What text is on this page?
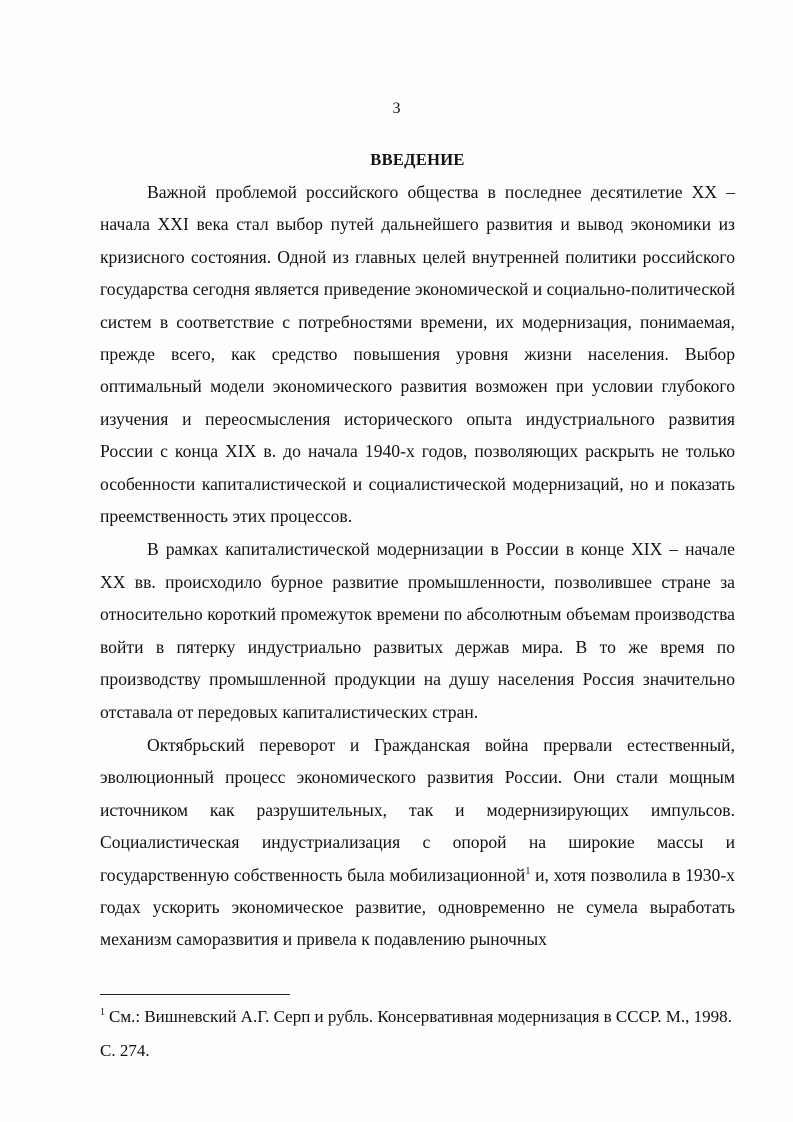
3
ВВЕДЕНИЕ

Важной проблемой российского общества в последнее десятилетие XX – начала XXI века стал выбор путей дальнейшего развития и вывод экономики из кризисного состояния. Одной из главных целей внутренней политики российского государства сегодня является приведение экономической и социально-политической систем в соответствие с потребностями времени, их модернизация, понимаемая, прежде всего, как средство повышения уровня жизни населения. Выбор оптимальный модели экономического развития возможен при условии глубокого изучения и переосмысления исторического опыта индустриального развития России с конца XIX в. до начала 1940-х годов, позволяющих раскрыть не только особенности капиталистической и социалистической модернизаций, но и показать преемственность этих процессов.

В рамках капиталистической модернизации в России в конце XIX – начале XX вв. происходило бурное развитие промышленности, позволившее стране за относительно короткий промежуток времени по абсолютным объемам производства войти в пятерку индустриально развитых держав мира. В то же время по производству промышленной продукции на душу населения Россия значительно отставала от передовых капиталистических стран.

Октябрьский переворот и Гражданская война прервали естественный, эволюционный процесс экономического развития России. Они стали мощным источником как разрушительных, так и модернизирующих импульсов. Социалистическая индустриализация с опорой на широкие массы и государственную собственность была мобилизационной$^1$ и, хотя позволила в 1930-х годах ускорить экономическое развитие, одновременно не сумела выработать механизм саморазвития и привела к подавлению рыночных

$^1$ См.: Вишневский А.Г. Серп и рубль. Консервативная модернизация в СССР. М., 1998. С. 274.
